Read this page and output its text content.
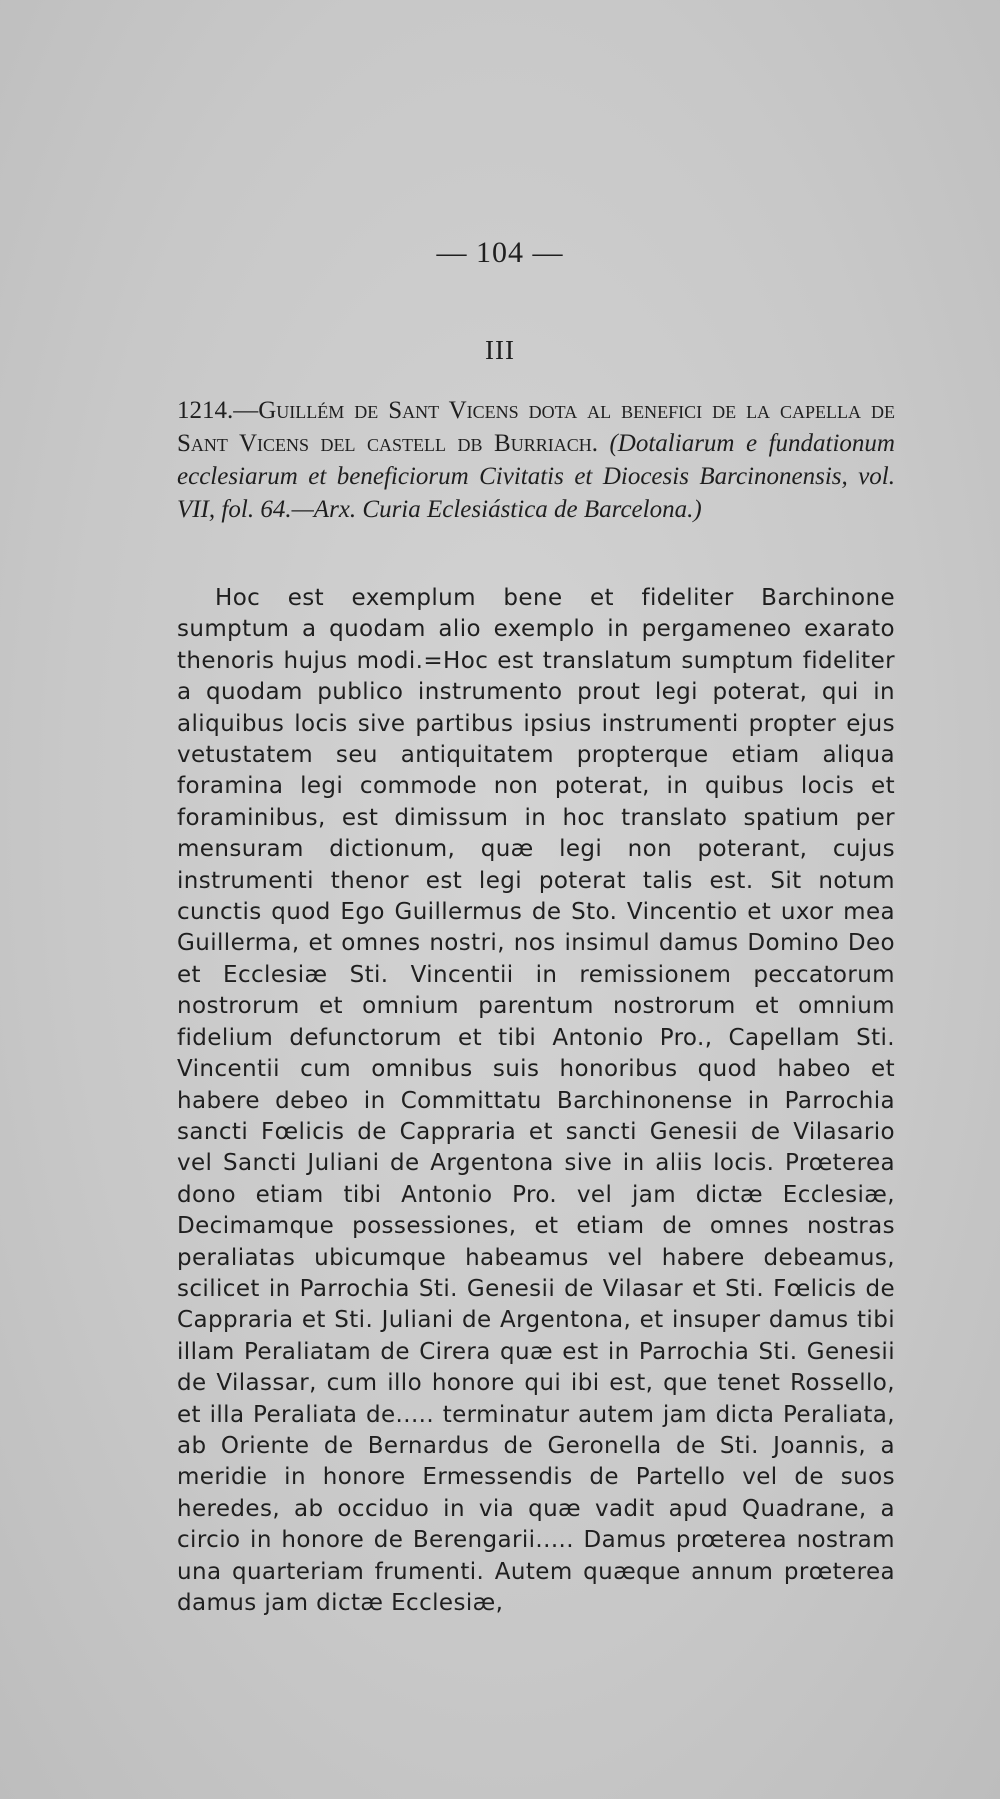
— 104 —
III
1214.—Guillém de Sant Vicens dota al benefici de la capella de Sant Vicens del castell db Burriach. (Dotaliarum e fundationum ecclesiarum et beneficiorum Civitatis et Diocesis Barcinonensis, vol. VII, fol. 64.—Arx. Curia Eclesiástica de Barcelona.)

Hoc est exemplum bene et fideliter Barchinone sumptum a quodam alio exemplo in pergameneo exarato thenoris hujus modi.=Hoc est translatum sumptum fideliter a quodam publico instrumento prout legi poterat, qui in aliquibus locis sive partibus ipsius instrumenti propter ejus vetustatem seu antiquitatem propterque etiam aliqua foramina legi commode non poterat, in quibus locis et foraminibus, est dimissum in hoc translato spatium per mensuram dictionum, quæ legi non poterant, cujus instrumenti thenor est legi poterat talis est. Sit notum cunctis quod Ego Guillermus de Sto. Vincentio et uxor mea Guillerma, et omnes nostri, nos insimul damus Domino Deo et Ecclesiæ Sti. Vincentii in remissionem peccatorum nostrorum et omnium parentum nostrorum et omnium fidelium defunctorum et tibi Antonio Pro., Capellam Sti. Vincentii cum omnibus suis honoribus quod habeo et habere debeo in Committatu Barchinonense in Parrochia sancti Fœlicis de Cappraria et sancti Genesii de Vilasario vel Sancti Juliani de Argentona sive in aliis locis. Prœterea dono etiam tibi Antonio Pro. vel jam dictæ Ecclesiæ, Decimamque possessiones, et etiam de omnes nostras peraliatas ubicumque habeamus vel habere debeamus, scilicet in Parrochia Sti. Genesii de Vilasar et Sti. Fœlicis de Cappraria et Sti. Juliani de Argentona, et insuper damus tibi illam Peraliatam de Cirera quæ est in Parrochia Sti. Genesii de Vilassar, cum illo honore qui ibi est, que tenet Rossello, et illa Peraliata de..... terminatur autem jam dicta Peraliata, ab Oriente de Bernardus de Geronella de Sti. Joannis, a meridie in honore Ermessendis de Partello vel de suos heredes, ab occiduo in via quæ vadit apud Quadrane, a circio in honore de Berengarii..... Damus prœterea nostram una quarteriam frumenti. Autem quæque annum prœterea damus jam dictæ Ecclesiæ,
